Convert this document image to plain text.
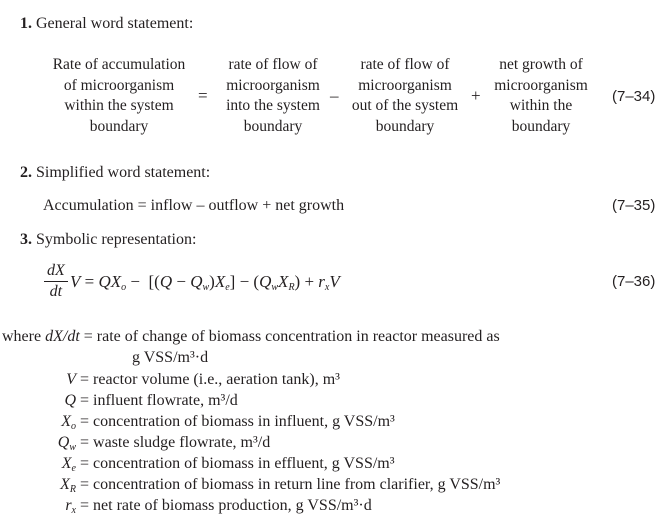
1. General word statement:
Rate of accumulation
of microorganism
within the system
boundary
=
rate of flow of
microorganism
into the system
boundary
–
rate of flow of
microorganism
out of the system
boundary
+
net growth of
microorganism
within the
boundary
(7–34)
2. Simplified word statement:
Accumulation = inflow – outflow + net growth	(7–35)
3. Symbolic representation:
$\frac{dX}{dt}$ $V = QX_o - [(Q - Q_w)X_e] - (Q_wX_R) + r_xV$	(7–36)
where dX/dt = rate of change of biomass concentration in reactor measured as
g VSS/m³·d
V = reactor volume (i.e., aeration tank), m³
Q = influent flowrate, m³/d
$X_o$ = concentration of biomass in influent, g VSS/m³
$Q_w$ = waste sludge flowrate, m³/d
$X_e$ = concentration of biomass in effluent, g VSS/m³
$X_R$ = concentration of biomass in return line from clarifier, g VSS/m³
$r_x$ = net rate of biomass production, g VSS/m³·d
